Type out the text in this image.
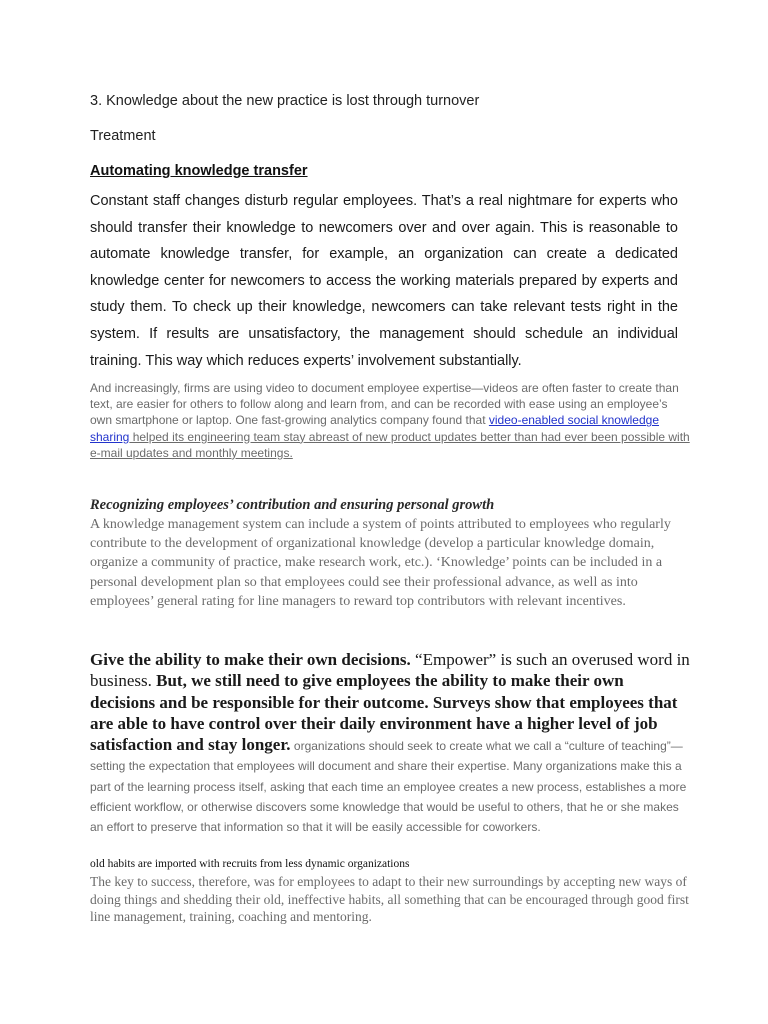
3. Knowledge about the new practice is lost through turnover
Treatment
Automating knowledge transfer
Constant staff changes disturb regular employees. That’s a real nightmare for experts who should transfer their knowledge to newcomers over and over again. This is reasonable to automate knowledge transfer, for example, an organization can create a dedicated knowledge center for newcomers to access the working materials prepared by experts and study them. To check up their knowledge, newcomers can take relevant tests right in the system. If results are unsatisfactory, the management should schedule an individual training. This way which reduces experts’ involvement substantially.
And increasingly, firms are using video to document employee expertise—videos are often faster to create than text, are easier for others to follow along and learn from, and can be recorded with ease using an employee’s own smartphone or laptop. One fast-growing analytics company found that video-enabled social knowledge sharing helped its engineering team stay abreast of new product updates better than had ever been possible with e-mail updates and monthly meetings.
Recognizing employees’ contribution and ensuring personal growth
A knowledge management system can include a system of points attributed to employees who regularly contribute to the development of organizational knowledge (develop a particular knowledge domain, organize a community of practice, make research work, etc.). ‘Knowledge’ points can be included in a personal development plan so that employees could see their professional advance, as well as into employees’ general rating for line managers to reward top contributors with relevant incentives.
Give the ability to make their own decisions. “Empower” is such an overused word in business. But, we still need to give employees the ability to make their own decisions and be responsible for their outcome. Surveys show that employees that are able to have control over their daily environment have a higher level of job satisfaction and stay longer. organizations should seek to create what we call a “culture of teaching”—setting the expectation that employees will document and share their expertise. Many organizations make this a part of the learning process itself, asking that each time an employee creates a new process, establishes a more efficient workflow, or otherwise discovers some knowledge that would be useful to others, that he or she makes an effort to preserve that information so that it will be easily accessible for coworkers.
old habits are imported with recruits from less dynamic organizations
The key to success, therefore, was for employees to adapt to their new surroundings by accepting new ways of doing things and shedding their old, ineffective habits, all something that can be encouraged through good first line management, training, coaching and mentoring.
